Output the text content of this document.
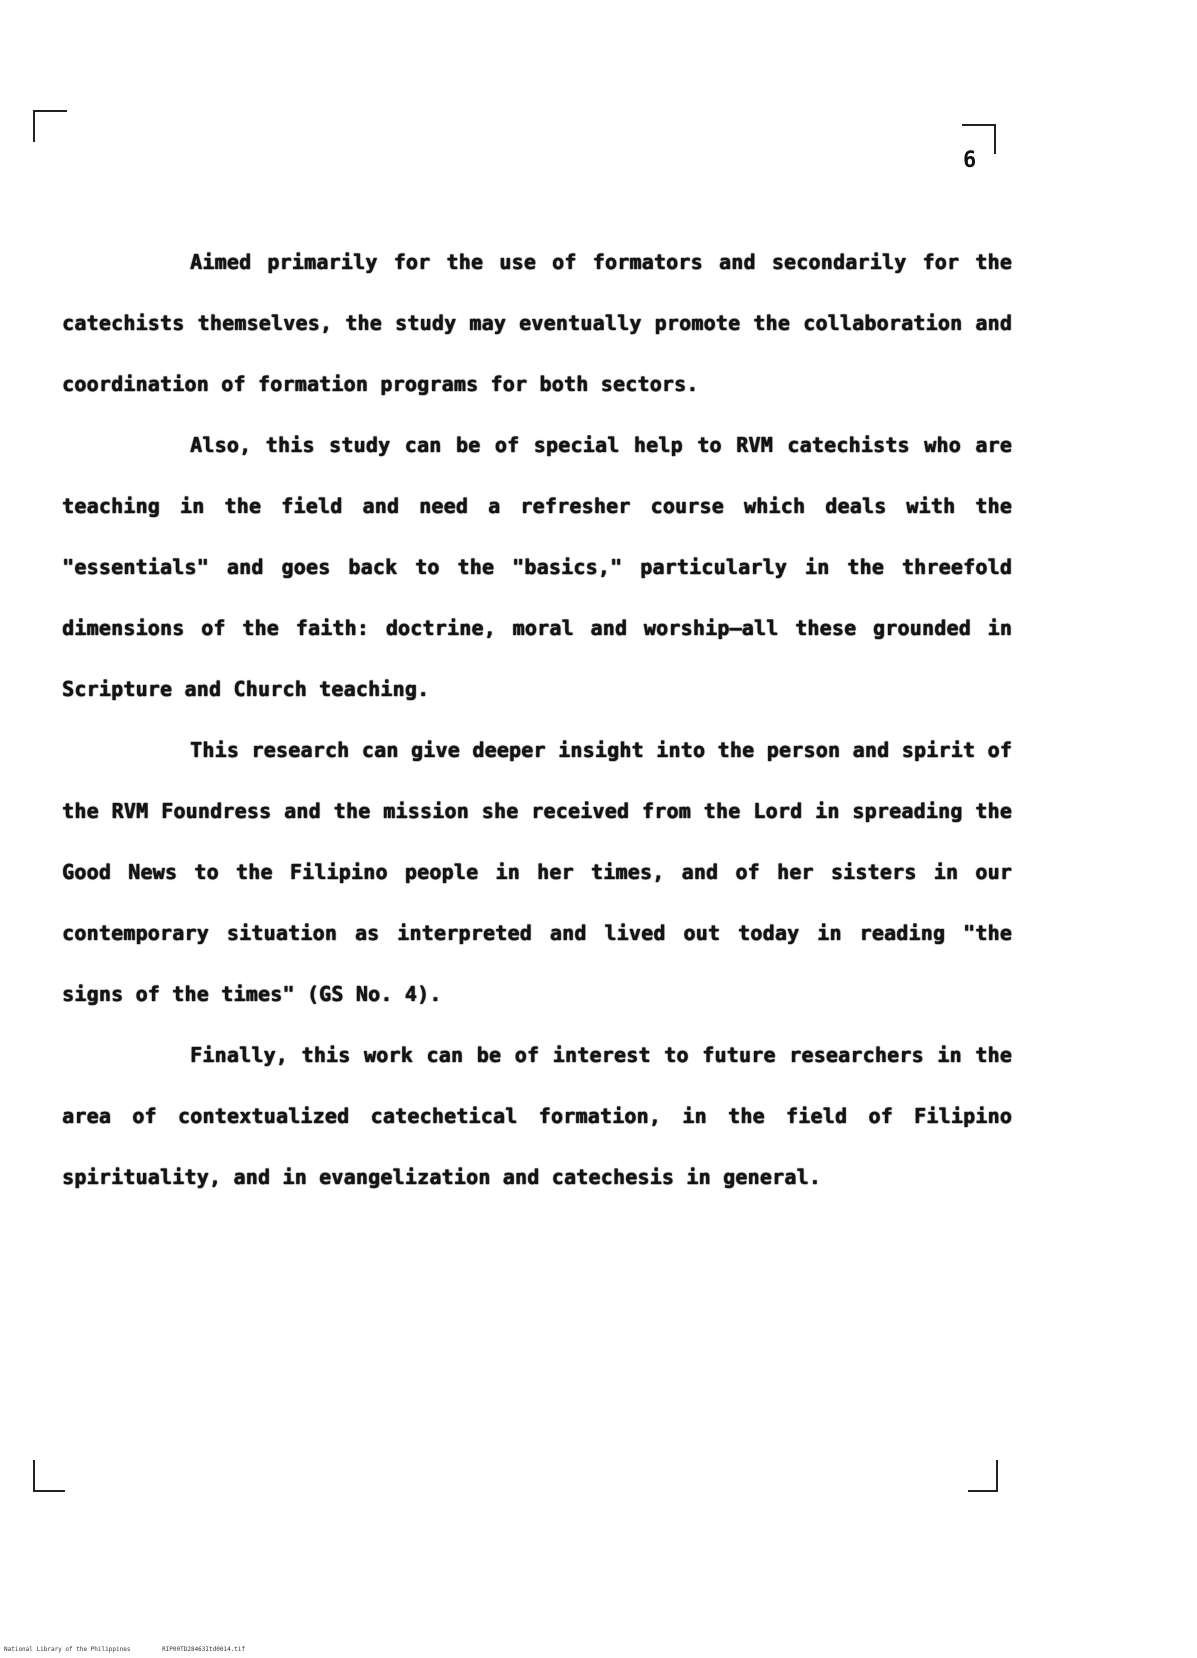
6

Aimed primarily for the use of formators and secondarily for the catechists themselves, the study may eventually promote the collaboration and coordination of formation programs for both sectors.

Also, this study can be of special help to RVM catechists who are teaching in the field and need a refresher course which deals with the "essentials" and goes back to the "basics," particularly in the threefold dimensions of the faith: doctrine, moral and worship—all these grounded in Scripture and Church teaching.

This research can give deeper insight into the person and spirit of the RVM Foundress and the mission she received from the Lord in spreading the Good News to the Filipino people in her times, and of her sisters in our contemporary situation as interpreted and lived out today in reading "the signs of the times" (GS No. 4).

Finally, this work can be of interest to future researchers in the area of contextualized catechetical formation, in the field of Filipino spirituality, and in evangelization and catechesis in general.

National Library of the Philippines	RIP00TD28463Itd0014.tif
